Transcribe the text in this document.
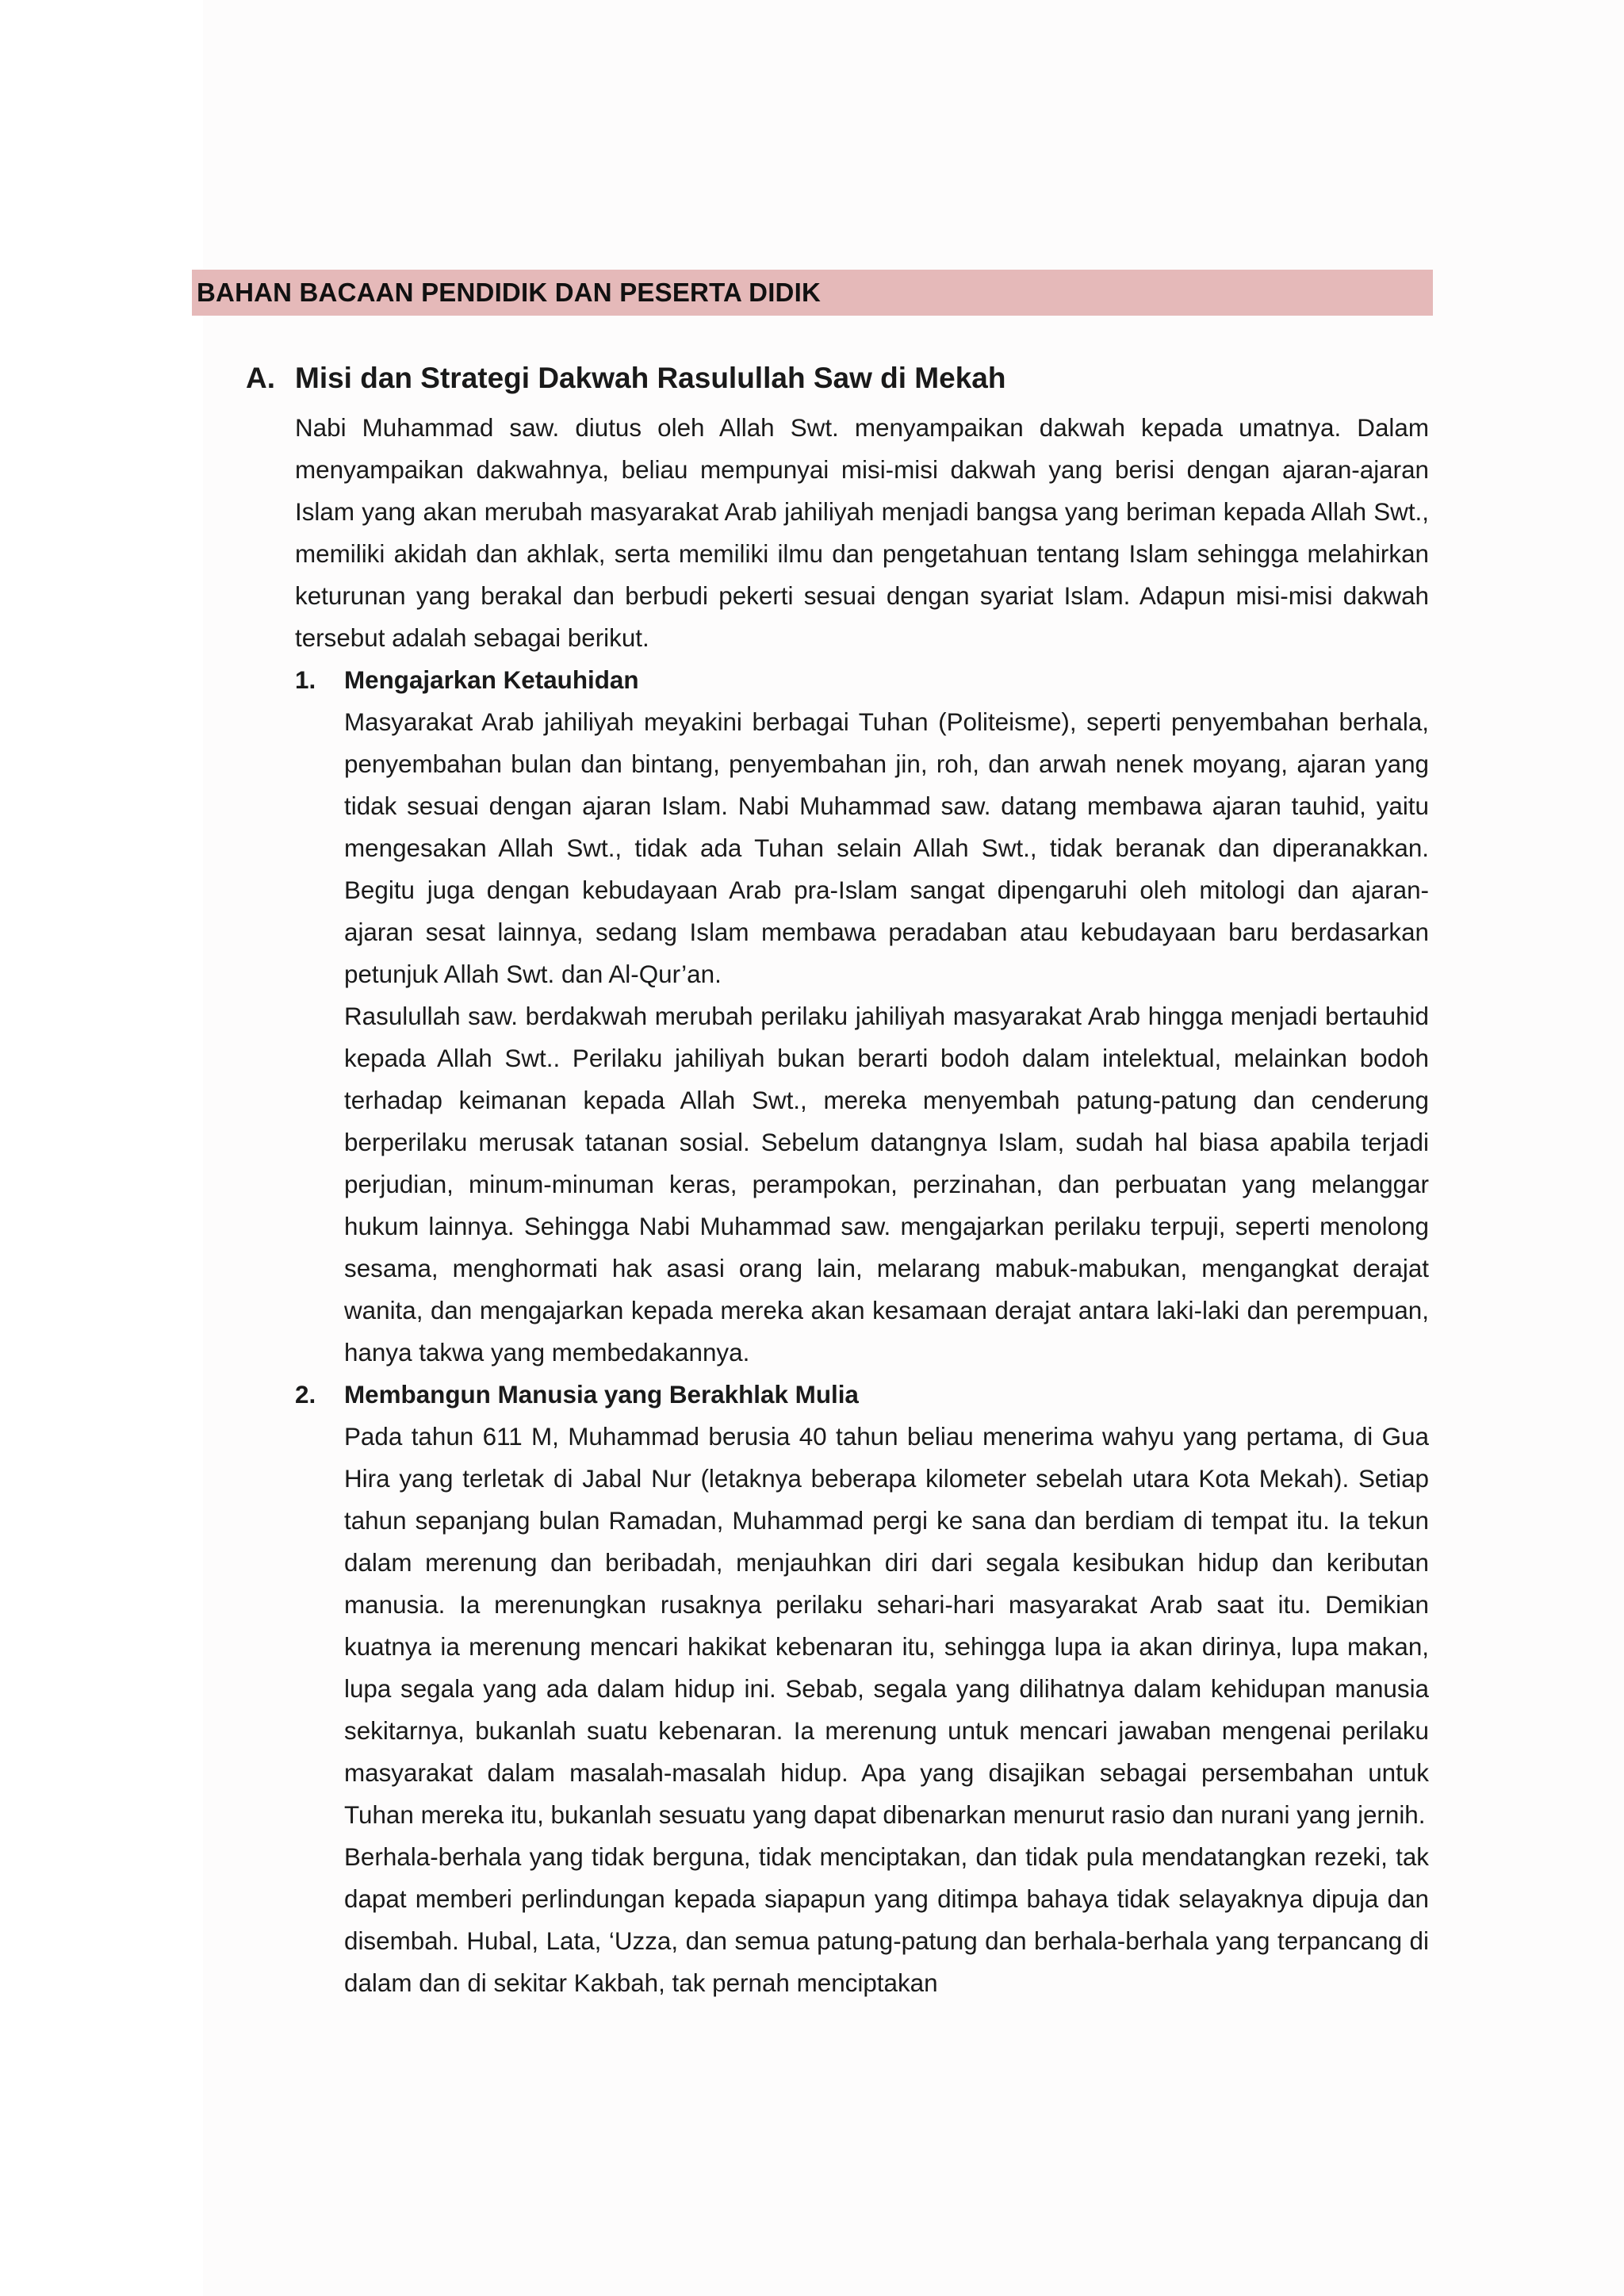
BAHAN BACAAN PENDIDIK DAN PESERTA DIDIK
A. Misi dan Strategi Dakwah Rasulullah Saw di Mekah

Nabi Muhammad saw. diutus oleh Allah Swt. menyampaikan dakwah kepada umatnya. Dalam menyampaikan dakwahnya, beliau mempunyai misi-misi dakwah yang berisi dengan ajaran-ajaran Islam yang akan merubah masyarakat Arab jahiliyah menjadi bangsa yang beriman kepada Allah Swt., memiliki akidah dan akhlak, serta memiliki ilmu dan pengetahuan tentang Islam sehingga melahirkan keturunan yang berakal dan berbudi pekerti sesuai dengan syariat Islam. Adapun misi-misi dakwah tersebut adalah sebagai berikut.

1.	Mengajarkan Ketauhidan

Masyarakat Arab jahiliyah meyakini berbagai Tuhan (Politeisme), seperti penyembahan berhala, penyembahan bulan dan bintang, penyembahan jin, roh, dan arwah nenek moyang, ajaran yang tidak sesuai dengan ajaran Islam. Nabi Muhammad saw. datang membawa ajaran tauhid, yaitu mengesakan Allah Swt., tidak ada Tuhan selain Allah Swt., tidak beranak dan diperanakkan. Begitu juga dengan kebudayaan Arab pra-Islam sangat dipengaruhi oleh mitologi dan ajaran-ajaran sesat lainnya, sedang Islam membawa peradaban atau kebudayaan baru berdasarkan petunjuk Allah Swt. dan Al-Qur’an.

Rasulullah saw. berdakwah merubah perilaku jahiliyah masyarakat Arab hingga menjadi bertauhid kepada Allah Swt.. Perilaku jahiliyah bukan berarti bodoh dalam intelektual, melainkan bodoh terhadap keimanan kepada Allah Swt., mereka menyembah patung-patung dan cenderung berperilaku merusak tatanan sosial. Sebelum datangnya Islam, sudah hal biasa apabila terjadi perjudian, minum-minuman keras, perampokan, perzinahan, dan perbuatan yang melanggar hukum lainnya. Sehingga Nabi Muhammad saw. mengajarkan perilaku terpuji, seperti menolong sesama, menghormati hak asasi orang lain, melarang mabuk-mabukan, mengangkat derajat wanita, dan mengajarkan kepada mereka akan kesamaan derajat antara laki-laki dan perempuan, hanya takwa yang membedakannya.

2.	Membangun Manusia yang Berakhlak Mulia

Pada tahun 611 M, Muhammad berusia 40 tahun beliau menerima wahyu yang pertama, di Gua Hira yang terletak di Jabal Nur (letaknya beberapa kilometer sebelah utara Kota Mekah). Setiap tahun sepanjang bulan Ramadan, Muhammad pergi ke sana dan berdiam di tempat itu. Ia tekun dalam merenung dan beribadah, menjauhkan diri dari segala kesibukan hidup dan keributan manusia. Ia merenungkan rusaknya perilaku sehari-hari masyarakat Arab saat itu. Demikian kuatnya ia merenung mencari hakikat kebenaran itu, sehingga lupa ia akan dirinya, lupa makan, lupa segala yang ada dalam hidup ini. Sebab, segala yang dilihatnya dalam kehidupan manusia sekitarnya, bukanlah suatu kebenaran. Ia merenung untuk mencari jawaban mengenai perilaku masyarakat dalam masalah-masalah hidup. Apa yang disajikan sebagai persembahan untuk Tuhan mereka itu, bukanlah sesuatu yang dapat dibenarkan menurut rasio dan nurani yang jernih.

Berhala-berhala yang tidak berguna, tidak menciptakan, dan tidak pula mendatangkan rezeki, tak dapat memberi perlindungan kepada siapapun yang ditimpa bahaya tidak selayaknya dipuja dan disembah. Hubal, Lata, ‘Uzza, dan semua patung-patung dan berhala-berhala yang terpancang di dalam dan di sekitar Kakbah, tak pernah menciptakan
